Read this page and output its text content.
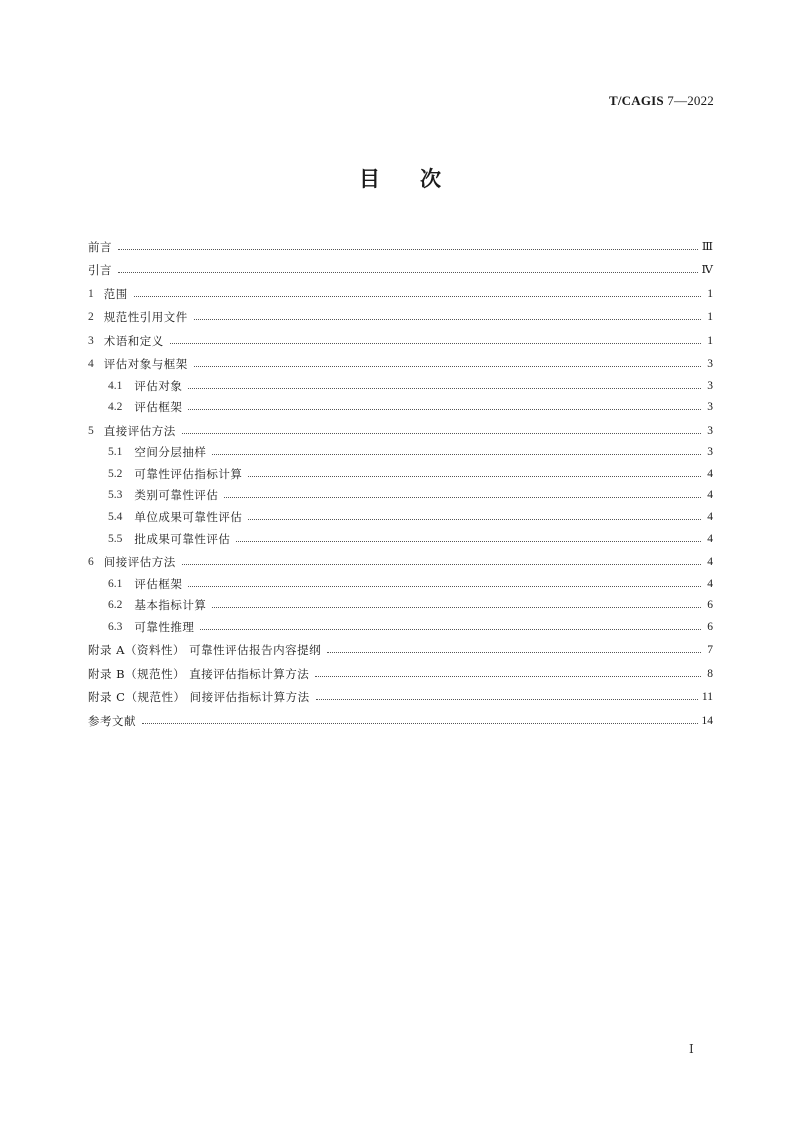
T/CAGIS 7—2022
目次
前言	Ⅲ
引言	Ⅳ
1 范围	1
2 规范性引用文件	1
3 术语和定义	1
4 评估对象与框架	3
4.1 评估对象	3
4.2 评估框架	3
5 直接评估方法	3
5.1 空间分层抽样	3
5.2 可靠性评估指标计算	4
5.3 类别可靠性评估	4
5.4 单位成果可靠性评估	4
5.5 批成果可靠性评估	4
6 间接评估方法	4
6.1 评估框架	4
6.2 基本指标计算	6
6.3 可靠性推理	6
附录 A（资料性） 可靠性评估报告内容提纲	7
附录 B（规范性） 直接评估指标计算方法	8
附录 C（规范性） 间接评估指标计算方法	11
参考文献	14
Ⅰ
